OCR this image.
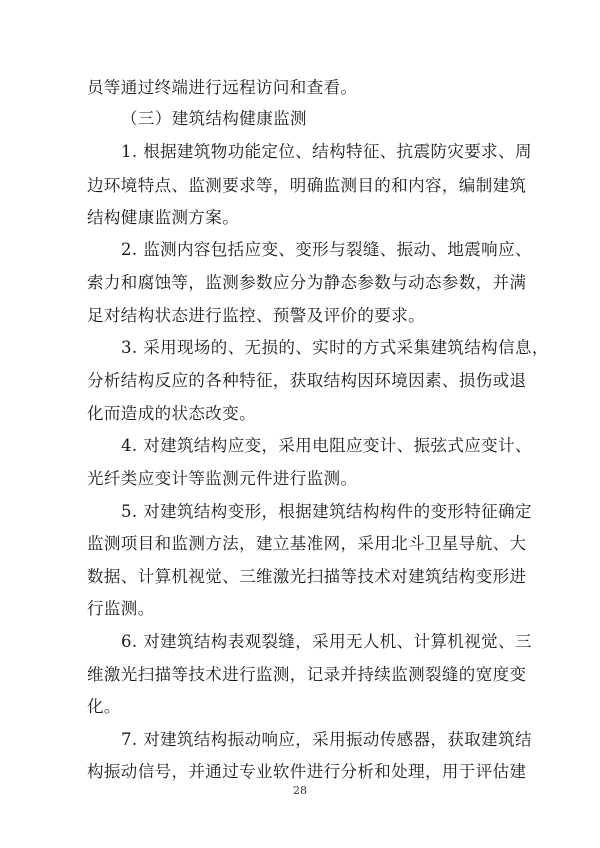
员等通过终端进行远程访问和查看。
（三）建筑结构健康监测
1. 根据建筑物功能定位、结构特征、抗震防灾要求、周
边环境特点、监测要求等，明确监测目的和内容，编制建筑
结构健康监测方案。
2. 监测内容包括应变、变形与裂缝、振动、地震响应、
索力和腐蚀等，监测参数应分为静态参数与动态参数，并满
足对结构状态进行监控、预警及评价的要求。
3. 采用现场的、无损的、实时的方式采集建筑结构信息，
分析结构反应的各种特征，获取结构因环境因素、损伤或退
化而造成的状态改变。
4. 对建筑结构应变，采用电阻应变计、振弦式应变计、
光纤类应变计等监测元件进行监测。
5. 对建筑结构变形，根据建筑结构构件的变形特征确定
监测项目和监测方法，建立基准网，采用北斗卫星导航、大
数据、计算机视觉、三维激光扫描等技术对建筑结构变形进
行监测。
6. 对建筑结构表观裂缝，采用无人机、计算机视觉、三
维激光扫描等技术进行监测，记录并持续监测裂缝的宽度变
化。
7. 对建筑结构振动响应，采用振动传感器，获取建筑结
构振动信号，并通过专业软件进行分析和处理，用于评估建
28
